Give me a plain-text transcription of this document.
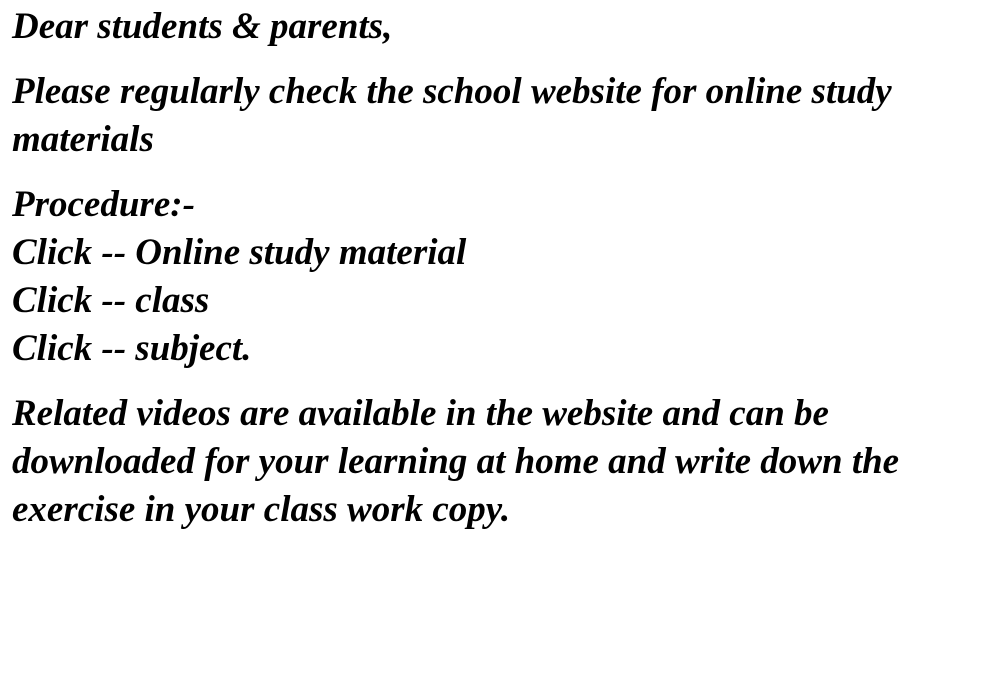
Dear students & parents,

Please regularly check the school website for online study materials

Procedure:-
Click -- Online study material
Click -- class
Click -- subject.

Related videos are available in the website and can be downloaded for your learning at home and write down the exercise in your class work copy.
